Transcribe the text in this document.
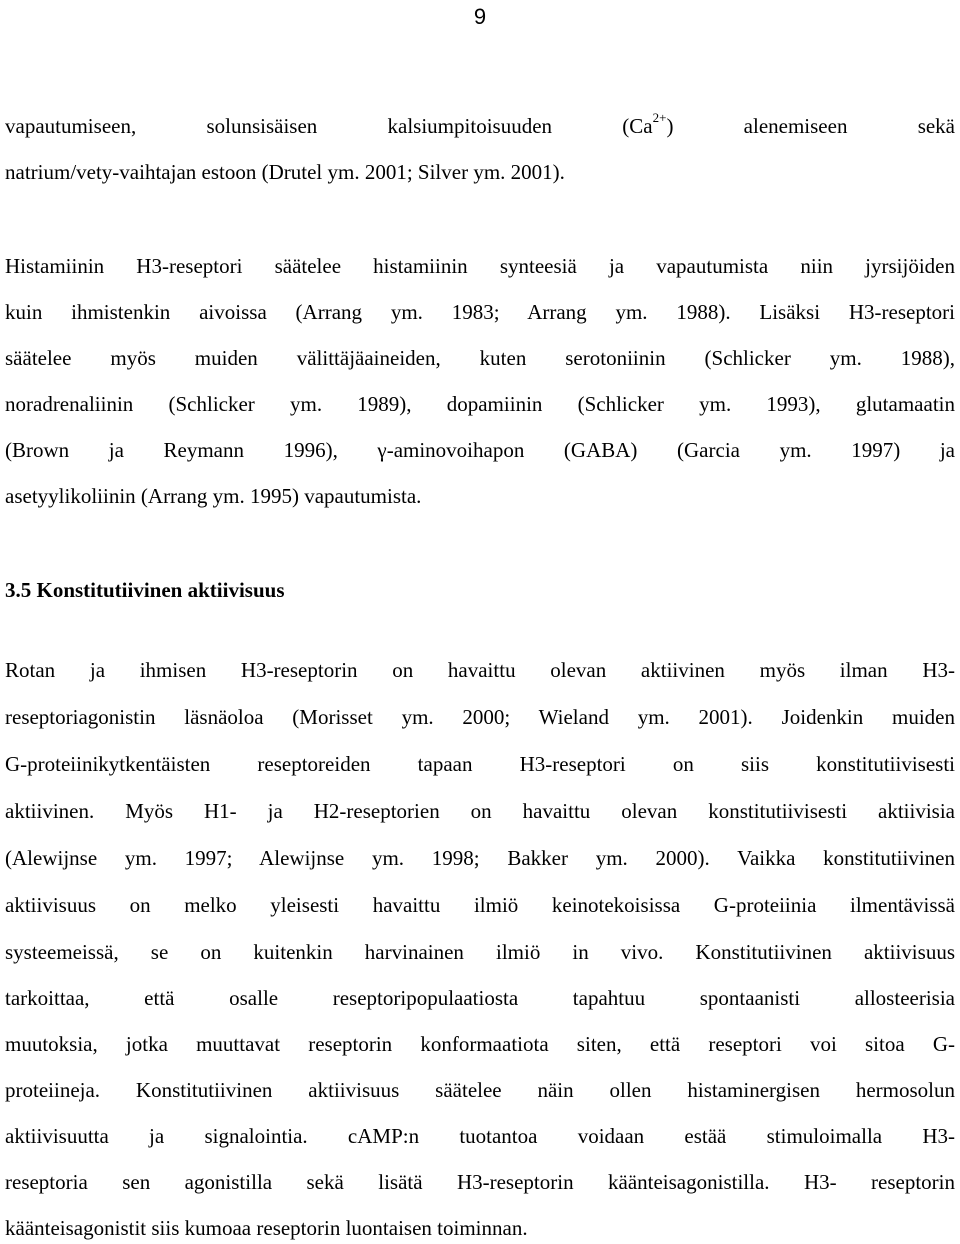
9
vapautumiseen, solunsisäisen kalsiumpitoisuuden $(Ca^{2+})$ alenemiseen sekä
natrium/vety-vaihtajan estoon (Drutel ym. 2001; Silver ym. 2001).
Histamiinin H3-reseptori säätelee histamiinin synteesiä ja vapautumista niin jyrsijöiden
kuin ihmistenkin aivoissa (Arrang ym. 1983; Arrang ym. 1988). Lisäksi H3-reseptori
säätelee myös muiden välittäjäaineiden, kuten serotoniinin (Schlicker ym. 1988),
noradrenaliinin (Schlicker ym. 1989), dopamiinin (Schlicker ym. 1993), glutamaatin
(Brown ja Reymann 1996), γ-aminovoihapon (GABA) (Garcia ym. 1997) ja
asetyylikoliinin (Arrang ym. 1995) vapautumista.
3.5 Konstitutiivinen aktiivisuus
Rotan ja ihmisen H3-reseptorin on havaittu olevan aktiivinen myös ilman H3-
reseptoriagonistin läsnäoloa (Morisset ym. 2000; Wieland ym. 2001). Joidenkin muiden
G-proteiinikytkentäisten reseptoreiden tapaan H3-reseptori on siis konstitutiivisesti
aktiivinen. Myös H1- ja H2-reseptorien on havaittu olevan konstitutiivisesti aktiivisia
(Alewijnse ym. 1997; Alewijnse ym. 1998; Bakker ym. 2000). Vaikka konstitutiivinen
aktiivisuus on melko yleisesti havaittu ilmiö keinotekoisissa G-proteiinia ilmentävissä
systeemeissä, se on kuitenkin harvinainen ilmiö in vivo. Konstitutiivinen aktiivisuus
tarkoittaa, että osalle reseptoripopulaatiosta tapahtuu spontaanisti allosteerisia
muutoksia, jotka muuttavat reseptorin konformaatiota siten, että reseptori voi sitoa G-
proteiineja. Konstitutiivinen aktiivisuus säätelee näin ollen histaminergisen hermosolun
aktiivisuutta ja signalointia. cAMP:n tuotantoa voidaan estää stimuloimalla H3-
reseptoria sen agonistilla sekä lisätä H3-reseptorin käänteisagonistilla. H3- reseptorin
käänteisagonistit siis kumoaa reseptorin luontaisen toiminnan.
